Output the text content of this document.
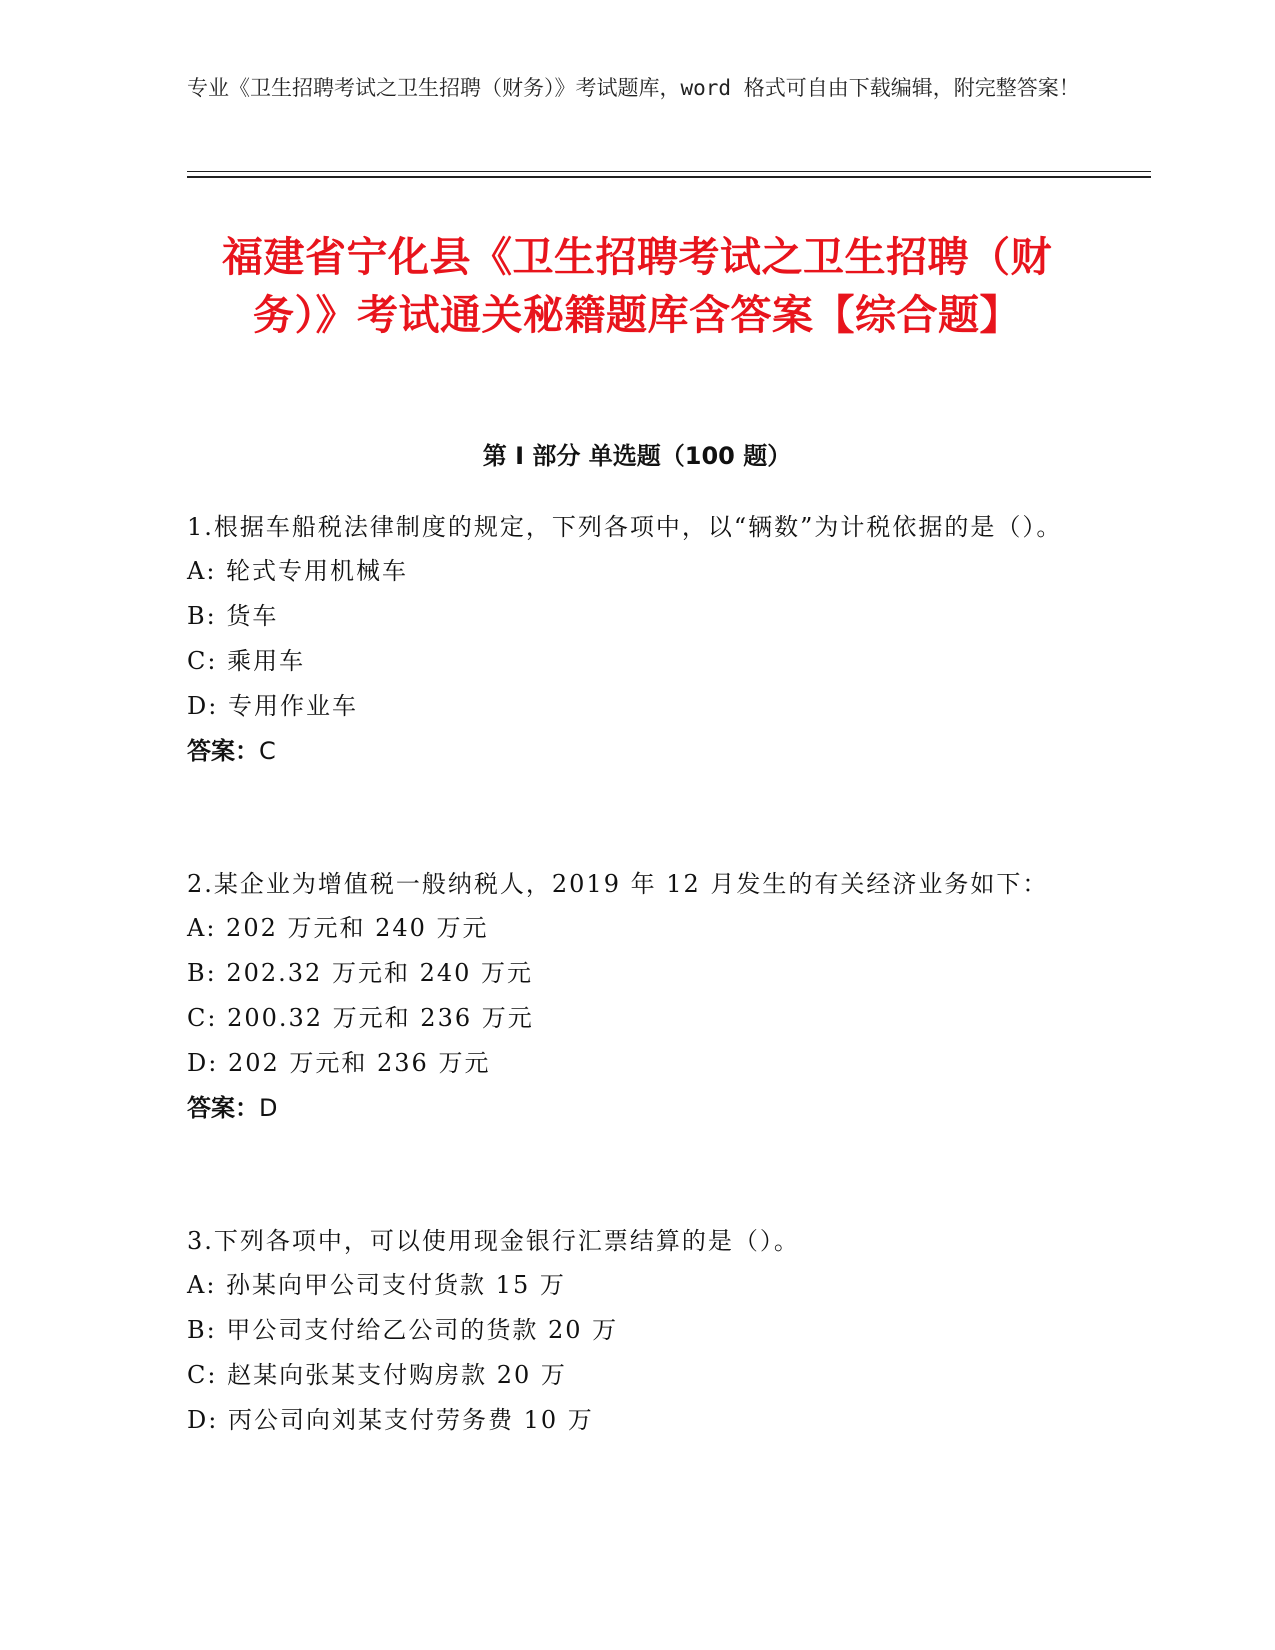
专业《卫生招聘考试之卫生招聘（财务）》考试题库，word 格式可自由下载编辑，附完整答案！
福建省宁化县《卫生招聘考试之卫生招聘（财务）》考试通关秘籍题库含答案【综合题】
第 I 部分 单选题（100 题）
1.根据车船税法律制度的规定，下列各项中，以“辆数”为计税依据的是（）。
A: 轮式专用机械车
B: 货车
C: 乘用车
D: 专用作业车
答案：C
2.某企业为增值税一般纳税人，2019 年 12 月发生的有关经济业务如下：
A: 202 万元和 240 万元
B: 202.32 万元和 240 万元
C: 200.32 万元和 236 万元
D: 202 万元和 236 万元
答案：D
3.下列各项中，可以使用现金银行汇票结算的是（）。
A: 孙某向甲公司支付货款 15 万
B: 甲公司支付给乙公司的货款 20 万
C: 赵某向张某支付购房款 20 万
D: 丙公司向刘某支付劳务费 10 万
